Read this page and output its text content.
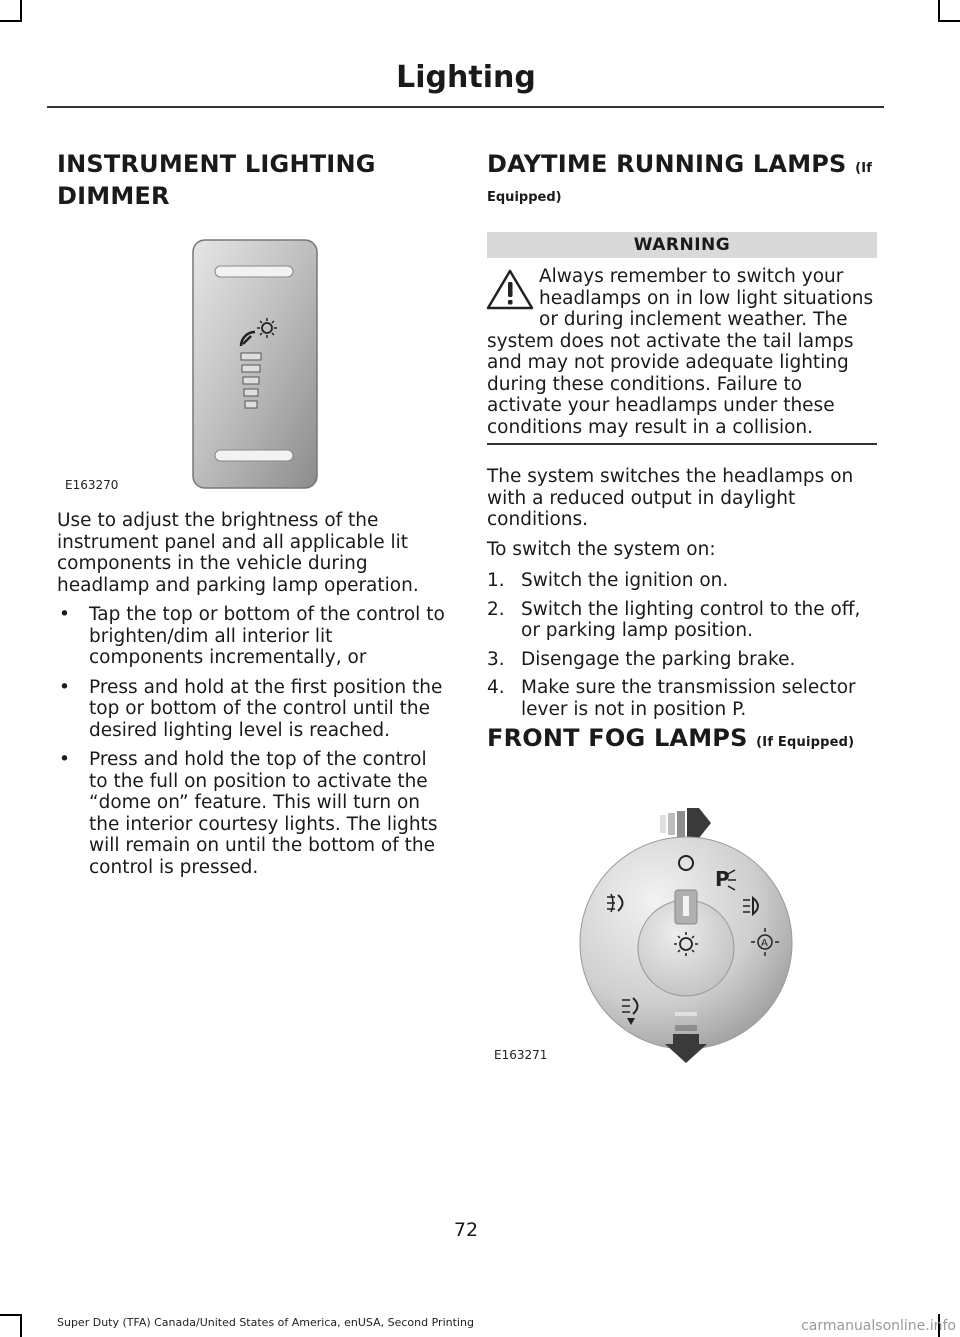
Lighting
INSTRUMENT LIGHTING
DIMMER
E163270
Use to adjust the brightness of the instrument panel and all applicable lit components in the vehicle during headlamp and parking lamp operation.
• Tap the top or bottom of the control to brighten/dim all interior lit components incrementally, or
• Press and hold at the first position the top or bottom of the control until the desired lighting level is reached.
• Press and hold the top of the control to the full on position to activate the “dome on” feature. This will turn on the interior courtesy lights. The lights will remain on until the bottom of the control is pressed.
DAYTIME RUNNING LAMPS (If
Equipped)
WARNING
Always remember to switch your headlamps on in low light situations or during inclement weather. The system does not activate the tail lamps and may not provide adequate lighting during these conditions. Failure to activate your headlamps under these conditions may result in a collision.
The system switches the headlamps on with a reduced output in daylight conditions.
To switch the system on:
1. Switch the ignition on.
2. Switch the lighting control to the off, or parking lamp position.
3. Disengage the parking brake.
4. Make sure the transmission selector lever is not in position P.
FRONT FOG LAMPS (If Equipped)
P
A
E163271
72
Super Duty (TFA) Canada/United States of America, enUSA, Second Printing	carmanualsonline.info
